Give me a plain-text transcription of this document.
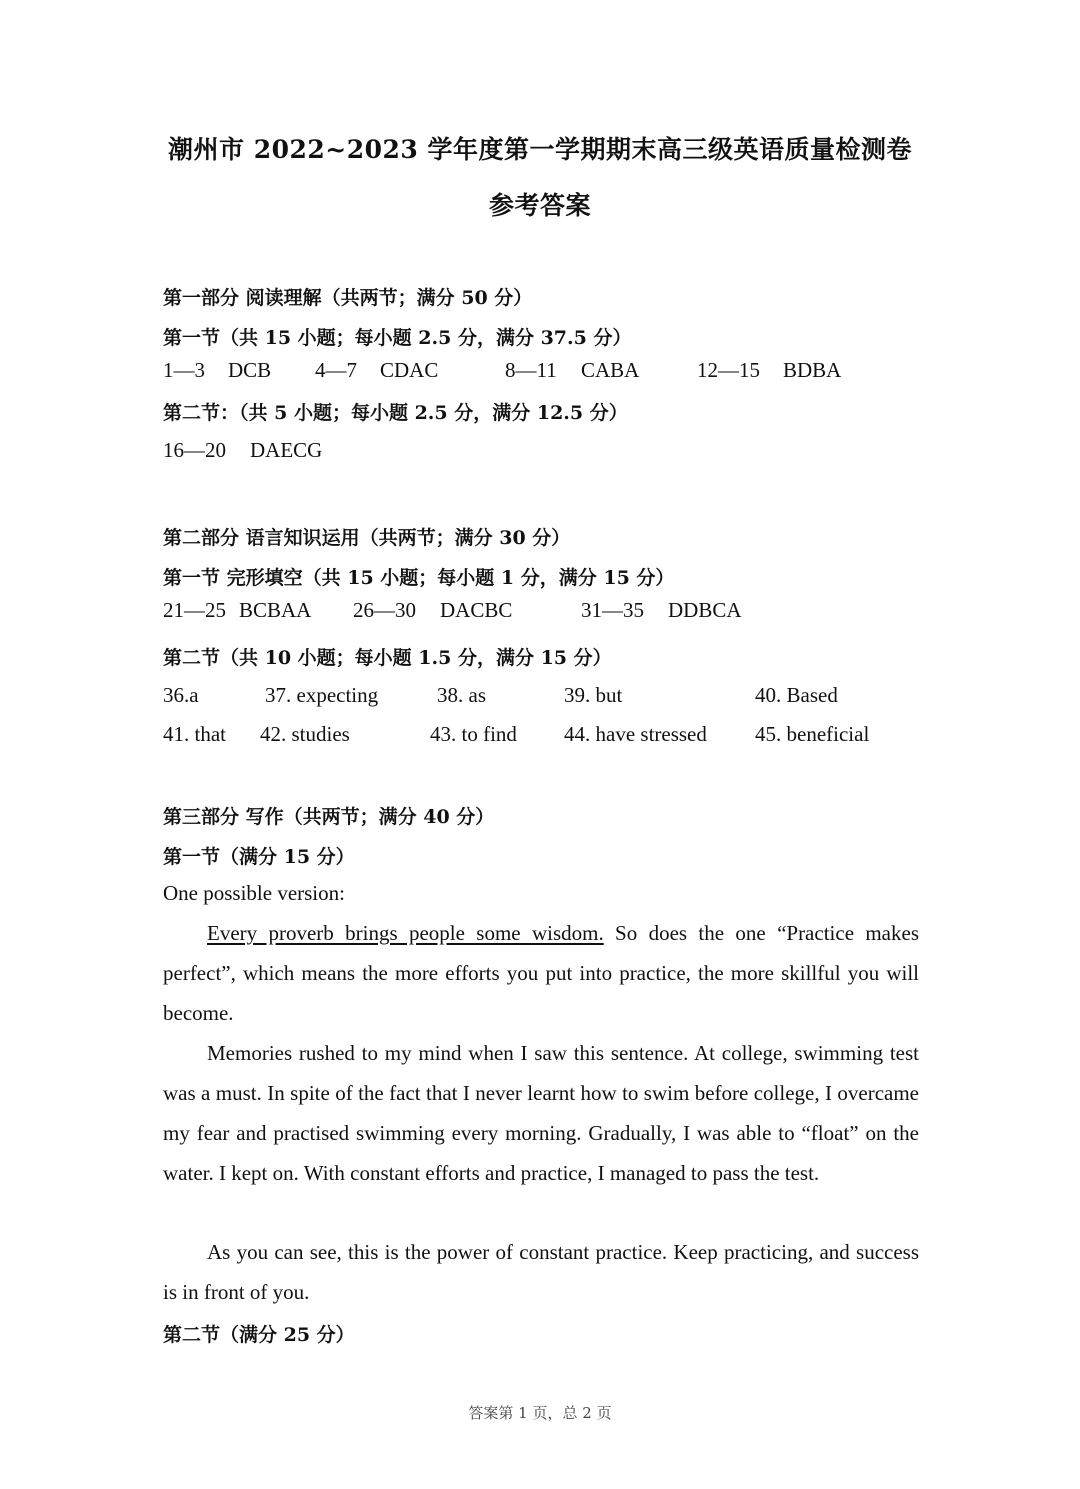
潮州市 2022~2023 学年度第一学期期末高三级英语质量检测卷
参考答案
第一部分 阅读理解（共两节；满分 50 分）
第一节（共 15 小题；每小题 2.5 分，满分 37.5 分）
1—3 DCB 4—7 CDAC	8—11 CABA	12—15 BDBA
第二节：（共 5 小题；每小题 2.5 分，满分 12.5 分）
16—20 DAECG
第二部分 语言知识运用（共两节；满分 30 分）
第一节 完形填空（共 15 小题；每小题 1 分，满分 15 分）
21—25 BCBAA 26—30 DACBC	31—35 DDBCA
第二节（共 10 小题；每小题 1.5 分，满分 15 分）
36.a	37. expecting	38. as	39. but	40. Based
41. that 42. studies	43. to find 44. have stressed 45. beneficial
第三部分 写作（共两节；满分 40 分）
第一节（满分 15 分）
One possible version:

Every proverb brings people some wisdom. So does the one “Practice makes perfect”, which means the more efforts you put into practice, the more skillful you will become.

Memories rushed to my mind when I saw this sentence. At college, swimming test was a must. In spite of the fact that I never learnt how to swim before college, I overcame my fear and practised swimming every morning. Gradually, I was able to “float” on the water. I kept on. With constant efforts and practice, I managed to pass the test.

As you can see, this is the power of constant practice. Keep practicing, and success is in front of you.

第二节（满分 25 分）
答案第 1 页，总 2 页
